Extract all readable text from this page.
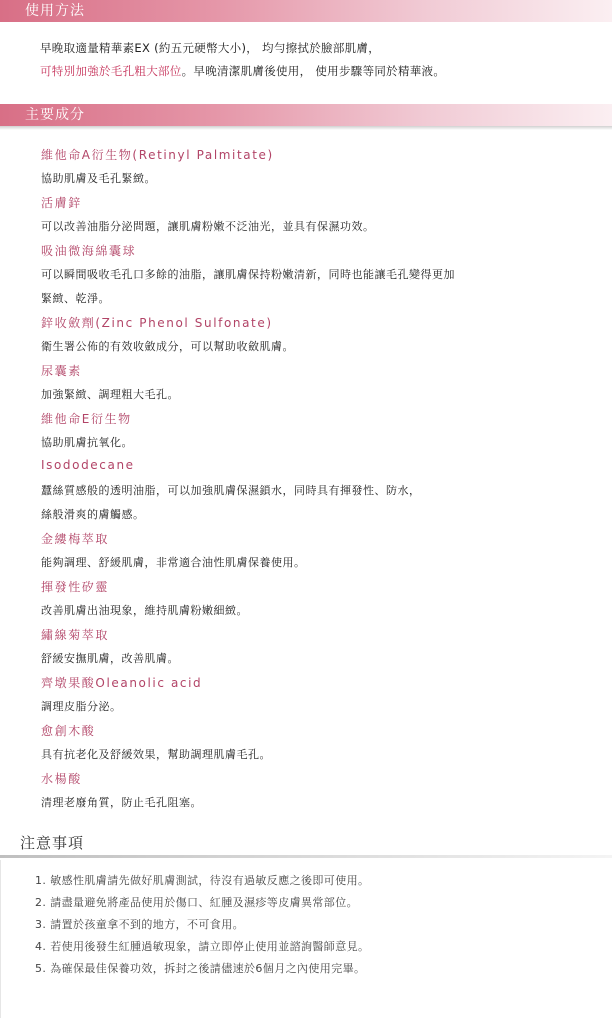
使用方法
早晚取適量精華素EX (約五元硬幣大小)， 均勻擦拭於臉部肌膚，
可特別加強於毛孔粗大部位。早晚清潔肌膚後使用， 使用步驟等同於精華液。
主要成分
維他命A衍生物(Retinyl Palmitate)
協助肌膚及毛孔緊緻。
活膚鋅
可以改善油脂分泌問題，讓肌膚粉嫩不泛油光，並具有保濕功效。
吸油微海綿囊球
可以瞬間吸收毛孔口多餘的油脂，讓肌膚保持粉嫩清新，同時也能讓毛孔變得更加
緊緻、乾淨。
鋅收斂劑(Zinc Phenol Sulfonate)
衛生署公佈的有效收斂成分，可以幫助收斂肌膚。
尿囊素
加強緊緻、調理粗大毛孔。
維他命E衍生物
協助肌膚抗氧化。
Isododecane
蠶絲質感般的透明油脂，可以加強肌膚保濕鎖水，同時具有揮發性、防水，
絲般滑爽的膚觸感。
金縷梅萃取
能夠調理、舒緩肌膚，非常適合油性肌膚保養使用。
揮發性矽靈
改善肌膚出油現象，維持肌膚粉嫩細緻。
繡線菊萃取
舒緩安撫肌膚，改善肌膚。
齊墩果酸Oleanolic acid
調理皮脂分泌。
愈創木酸
具有抗老化及舒緩效果，幫助調理肌膚毛孔。
水楊酸
清理老廢角質，防止毛孔阻塞。
注意事項
1. 敏感性肌膚請先做好肌膚測試，待沒有過敏反應之後即可使用。
2. 請盡量避免將產品使用於傷口、紅腫及濕疹等皮膚異常部位。
3. 請置於孩童拿不到的地方，不可食用。
4. 若使用後發生紅腫過敏現象，請立即停止使用並諮詢醫師意見。
5. 為確保最佳保養功效，拆封之後請儘速於6個月之內使用完畢。
